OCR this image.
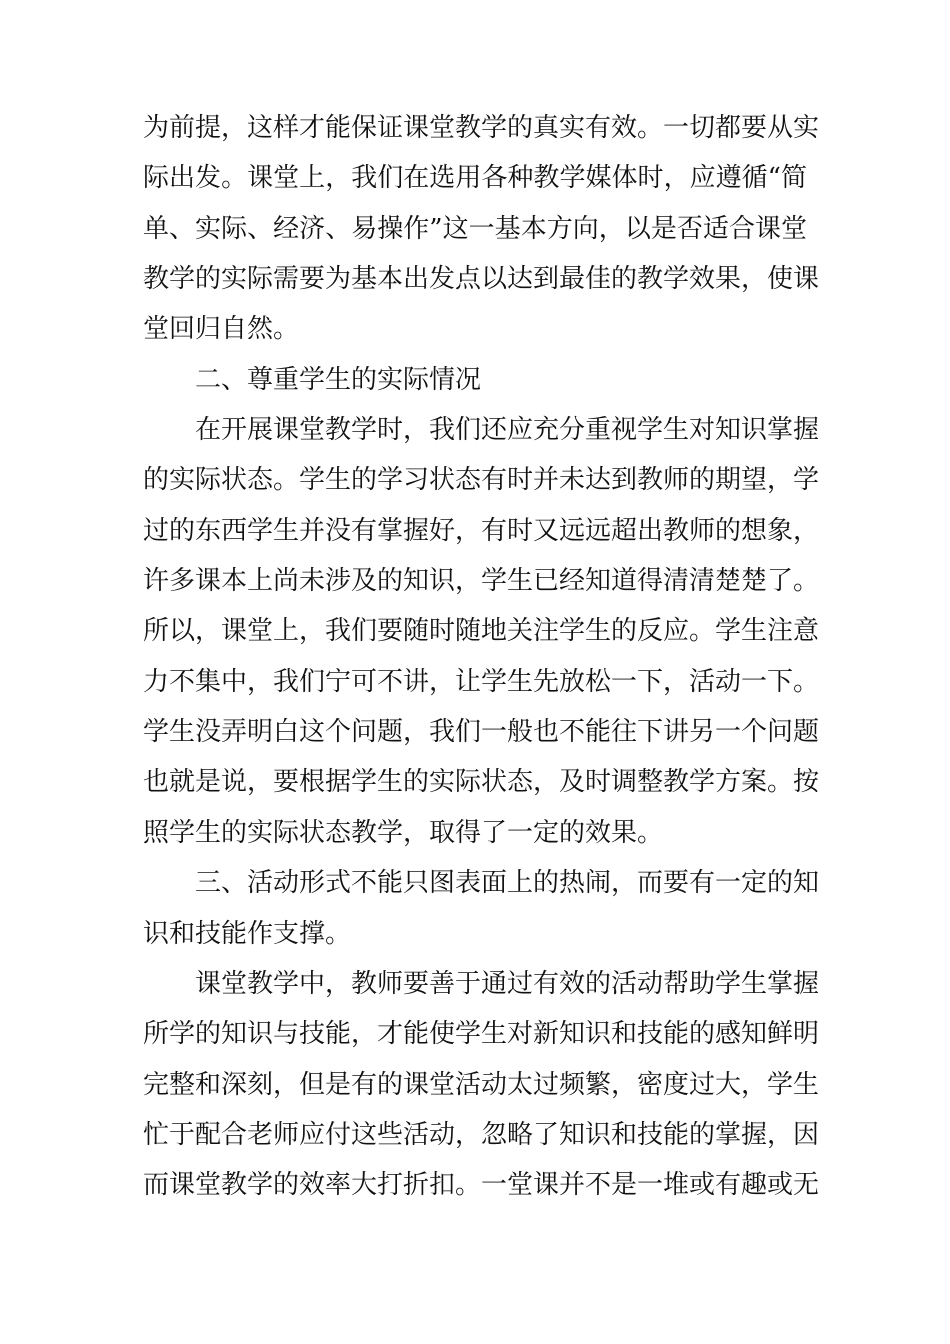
为前提，这样才能保证课堂教学的真实有效。一切都要从实
际出发。课堂上，我们在选用各种教学媒体时，应遵循“简
单、实际、经济、易操作”这一基本方向，以是否适合课堂
教学的实际需要为基本出发点以达到最佳的教学效果，使课
堂回归自然。
二、尊重学生的实际情况
在开展课堂教学时，我们还应充分重视学生对知识掌握
的实际状态。学生的学习状态有时并未达到教师的期望，学
过的东西学生并没有掌握好，有时又远远超出教师的想象，
许多课本上尚未涉及的知识，学生已经知道得清清楚楚了。
所以，课堂上，我们要随时随地关注学生的反应。学生注意
力不集中，我们宁可不讲，让学生先放松一下，活动一下。
学生没弄明白这个问题，我们一般也不能往下讲另一个问题
也就是说，要根据学生的实际状态，及时调整教学方案。按
照学生的实际状态教学，取得了一定的效果。
三、活动形式不能只图表面上的热闹，而要有一定的知
识和技能作支撑。
课堂教学中，教师要善于通过有效的活动帮助学生掌握
所学的知识与技能，才能使学生对新知识和技能的感知鲜明
完整和深刻，但是有的课堂活动太过频繁，密度过大，学生
忙于配合老师应付这些活动，忽略了知识和技能的掌握，因
而课堂教学的效率大打折扣。一堂课并不是一堆或有趣或无
